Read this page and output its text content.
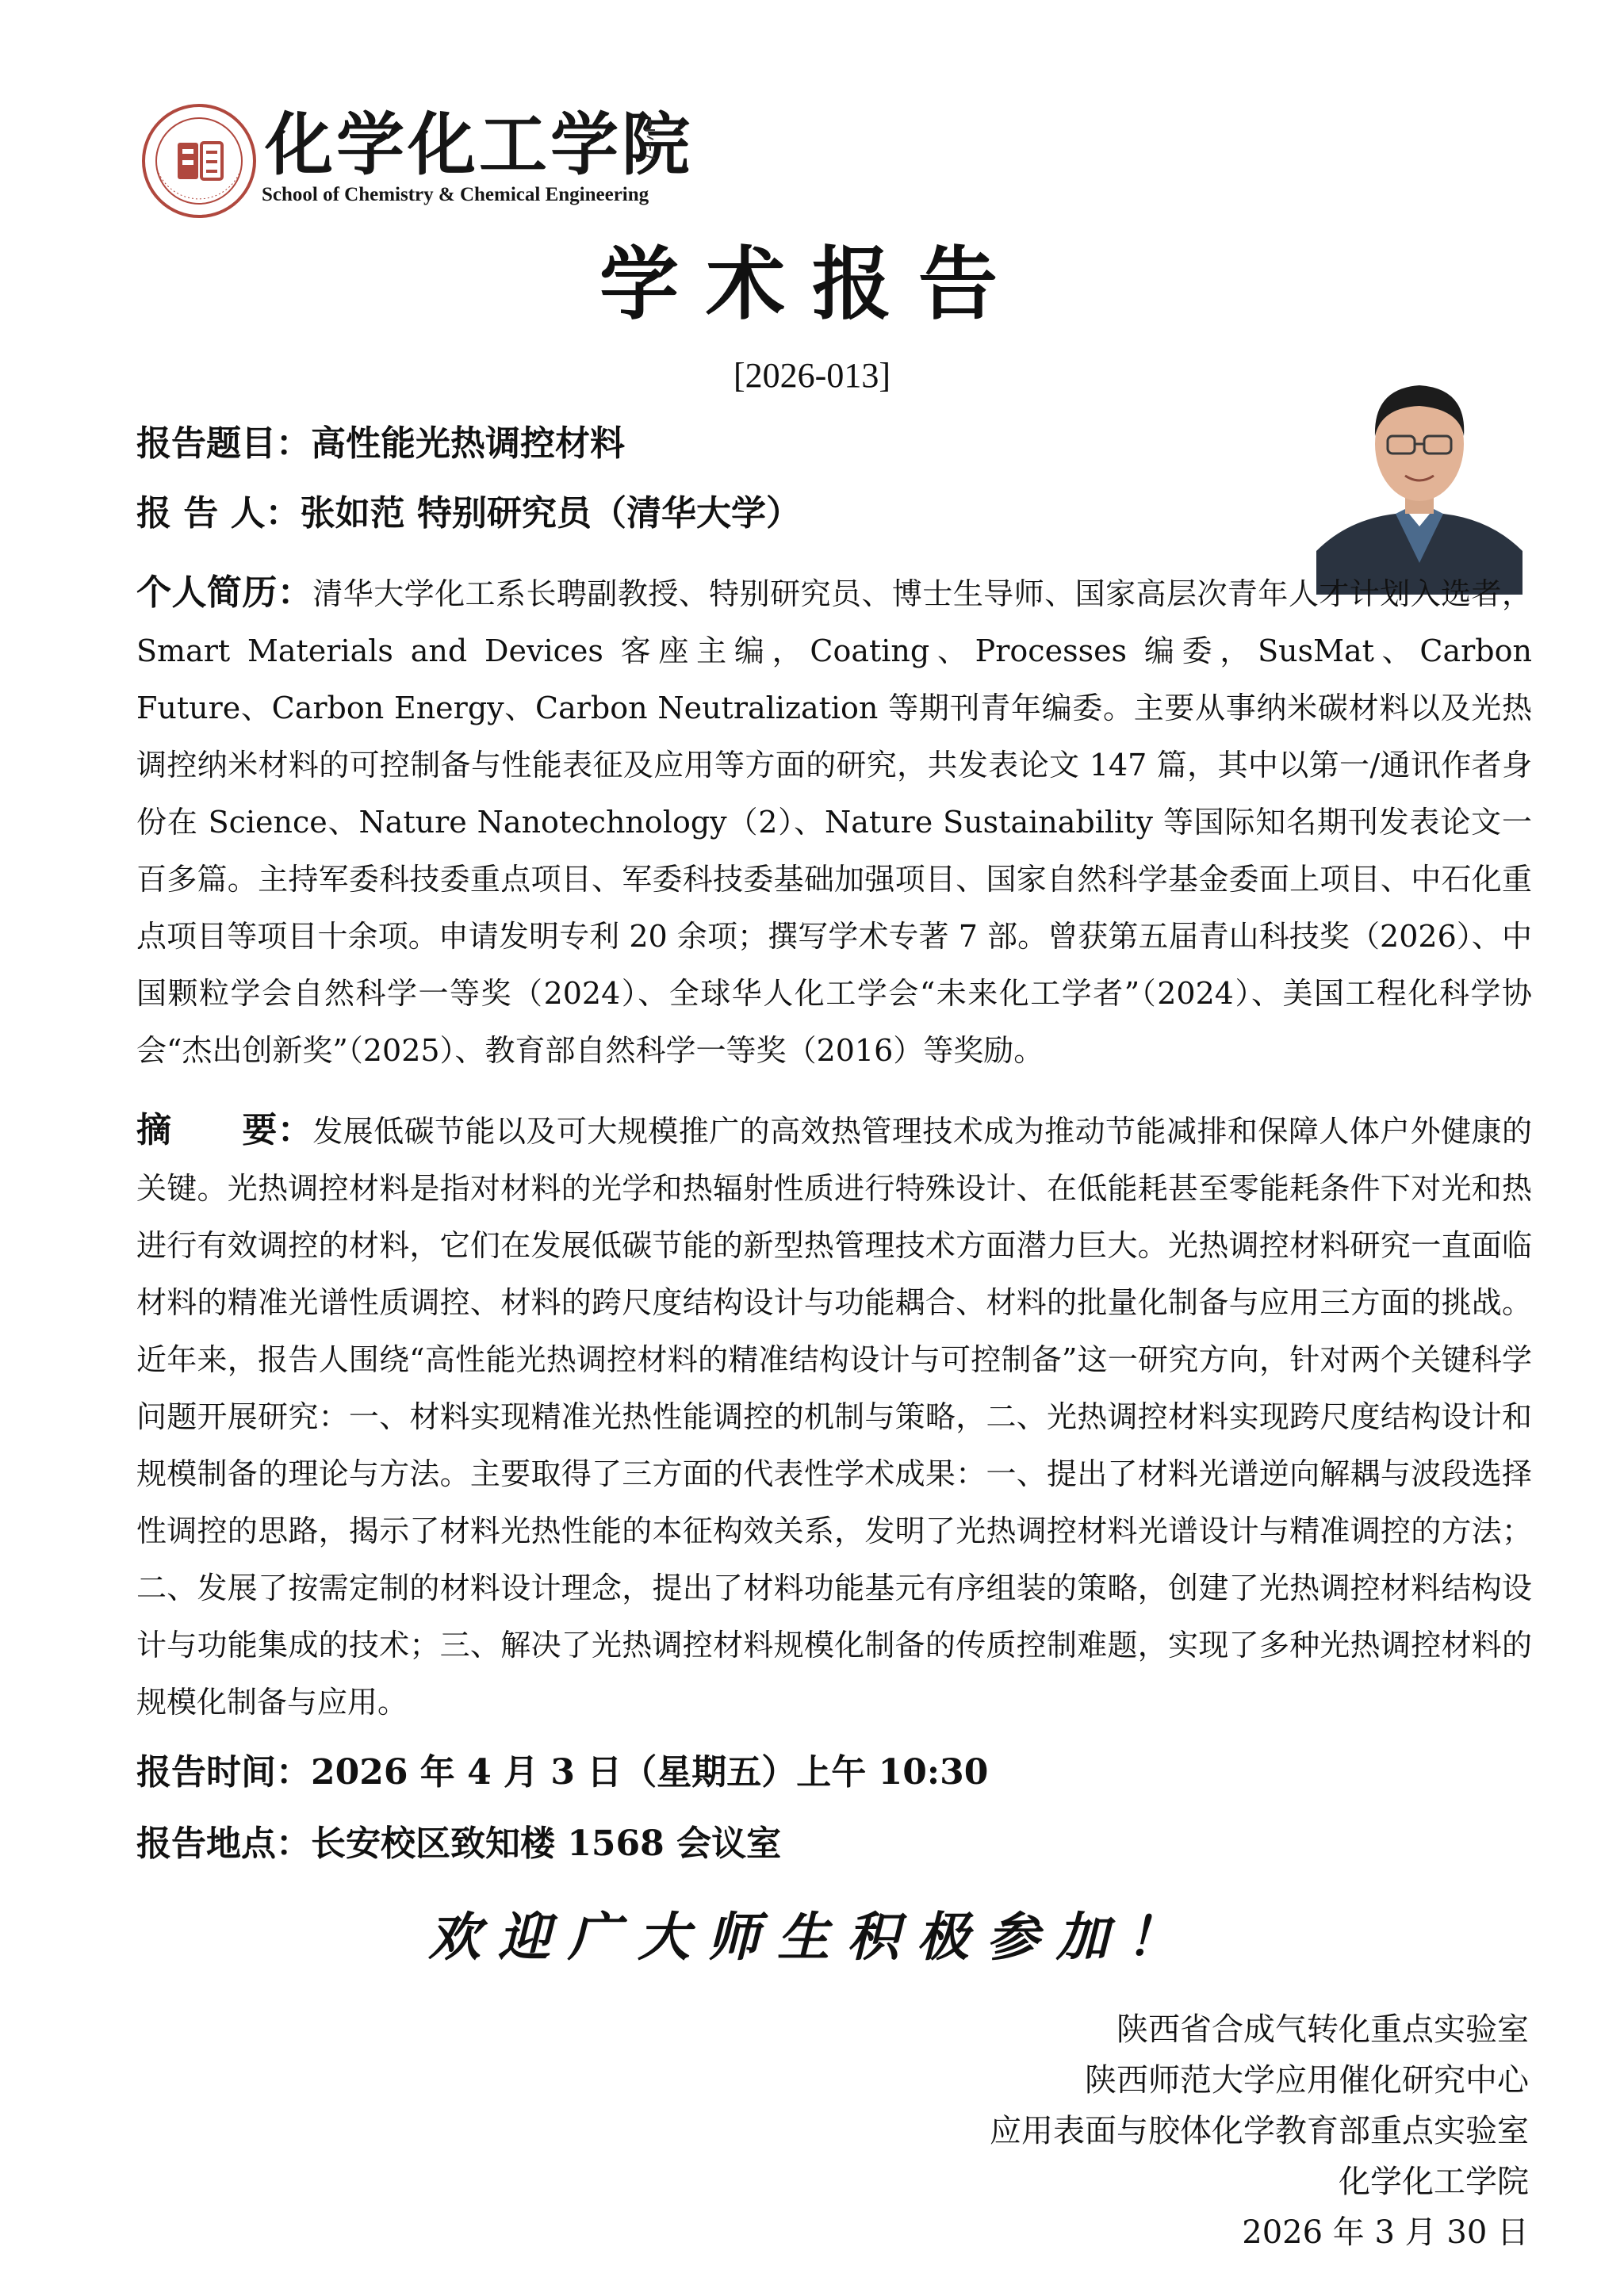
化学化工学院
School of Chemistry & Chemical Engineering
学术报告
[2026-013]
报告题目：高性能光热调控材料
报 告 人：张如范 特别研究员（清华大学）
个人简历：清华大学化工系长聘副教授、特别研究员、博士生导师、国家高层次青年人才计划入选者，Smart Materials and Devices 客座主编，Coating、Processes 编委，SusMat、Carbon Future、Carbon Energy、Carbon Neutralization 等期刊青年编委。主要从事纳米碳材料以及光热调控纳米材料的可控制备与性能表征及应用等方面的研究，共发表论文 147 篇，其中以第一/通讯作者身份在 Science、Nature Nanotechnology（2）、Nature Sustainability 等国际知名期刊发表论文一百多篇。主持军委科技委重点项目、军委科技委基础加强项目、国家自然科学基金委面上项目、中石化重点项目等项目十余项。申请发明专利 20 余项；撰写学术专著 7 部。曾获第五届青山科技奖（2026）、中国颗粒学会自然科学一等奖（2024）、全球华人化工学会“未来化工学者”（2024）、美国工程化科学协会“杰出创新奖”（2025）、教育部自然科学一等奖（2016）等奖励。
摘　　要：发展低碳节能以及可大规模推广的高效热管理技术成为推动节能减排和保障人体户外健康的关键。光热调控材料是指对材料的光学和热辐射性质进行特殊设计、在低能耗甚至零能耗条件下对光和热进行有效调控的材料，它们在发展低碳节能的新型热管理技术方面潜力巨大。光热调控材料研究一直面临材料的精准光谱性质调控、材料的跨尺度结构设计与功能耦合、材料的批量化制备与应用三方面的挑战。近年来，报告人围绕“高性能光热调控材料的精准结构设计与可控制备”这一研究方向，针对两个关键科学问题开展研究：一、材料实现精准光热性能调控的机制与策略，二、光热调控材料实现跨尺度结构设计和规模制备的理论与方法。主要取得了三方面的代表性学术成果：一、提出了材料光谱逆向解耦与波段选择性调控的思路，揭示了材料光热性能的本征构效关系，发明了光热调控材料光谱设计与精准调控的方法；二、发展了按需定制的材料设计理念，提出了材料功能基元有序组装的策略，创建了光热调控材料结构设计与功能集成的技术；三、解决了光热调控材料规模化制备的传质控制难题，实现了多种光热调控材料的规模化制备与应用。
报告时间：2026 年 4 月 3 日（星期五）上午 10:30
报告地点：长安校区致知楼 1568 会议室
欢迎广大师生积极参加！
陕西省合成气转化重点实验室
陕西师范大学应用催化研究中心
应用表面与胶体化学教育部重点实验室
化学化工学院
2026 年 3 月 30 日
